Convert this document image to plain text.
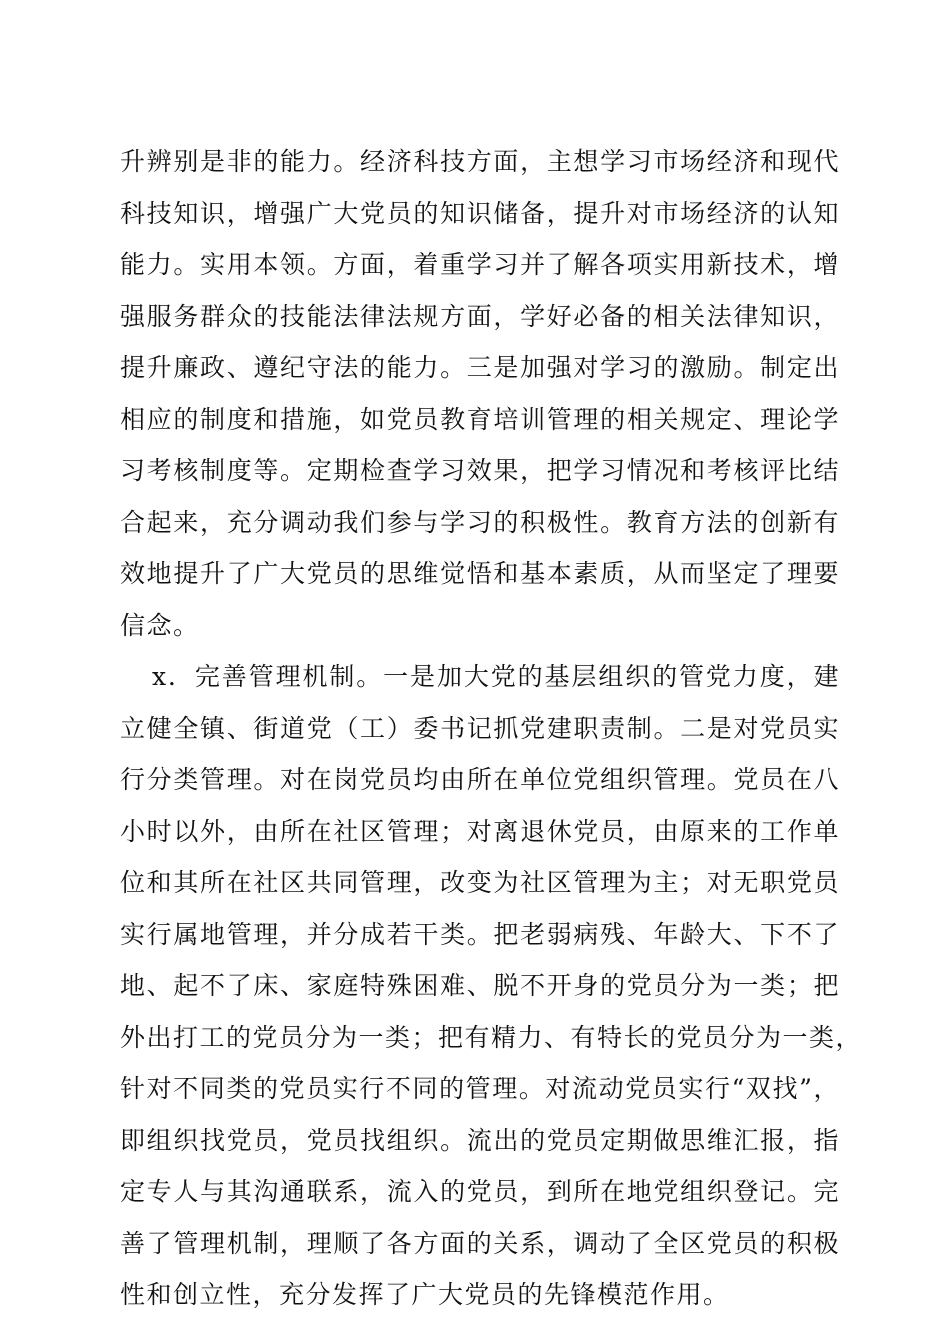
升辨别是非的能力。经济科技方面，主想学习市场经济和现代
科技知识，增强广大党员的知识储备，提升对市场经济的认知
能力。实用本领。方面，着重学习并了解各项实用新技术，增
强服务群众的技能法律法规方面，学好必备的相关法律知识，
提升廉政、遵纪守法的能力。三是加强对学习的激励。制定出
相应的制度和措施，如党员教育培训管理的相关规定、理论学
习考核制度等。定期检查学习效果，把学习情况和考核评比结
合起来，充分调动我们参与学习的积极性。教育方法的创新有
效地提升了广大党员的思维觉悟和基本素质，从而坚定了理要
信念。
x．完善管理机制。一是加大党的基层组织的管党力度，建
立健全镇、街道党（工）委书记抓党建职责制。二是对党员实
行分类管理。对在岗党员均由所在单位党组织管理。党员在八
小时以外，由所在社区管理；对离退休党员，由原来的工作单
位和其所在社区共同管理，改变为社区管理为主；对无职党员
实行属地管理，并分成若干类。把老弱病残、年龄大、下不了
地、起不了床、家庭特殊困难、脱不开身的党员分为一类；把
外出打工的党员分为一类；把有精力、有特长的党员分为一类，
针对不同类的党员实行不同的管理。对流动党员实行“双找”，
即组织找党员，党员找组织。流出的党员定期做思维汇报，指
定专人与其沟通联系，流入的党员，到所在地党组织登记。完
善了管理机制，理顺了各方面的关系，调动了全区党员的积极
性和创立性，充分发挥了广大党员的先锋模范作用。
